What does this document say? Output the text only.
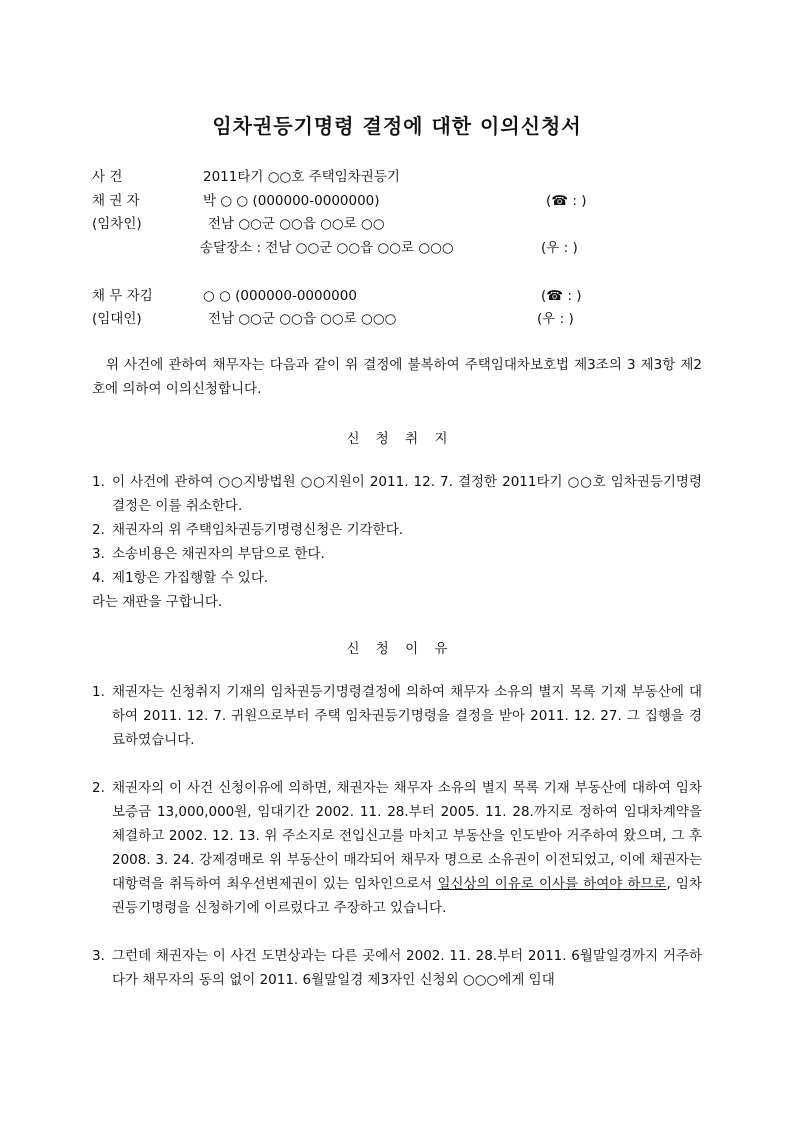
임차권등기명령 결정에 대한 이의신청서
사 건	2011타기 ○○호 주택임차권등기
채 권 자	박 ○ ○ (000000-0000000)	(☎ : )
(임차인)	전남 ○○군 ○○읍 ○○로 ○○
송달장소 : 전남 ○○군 ○○읍 ○○로 ○○○	(우 : )
채 무 자김	○ ○ (000000-0000000	(☎ : )
(임대인)	전남 ○○군 ○○읍 ○○로 ○○○	(우 : )
위 사건에 관하여 채무자는 다음과 같이 위 결정에 불복하여 주택임대차보호법 제3조의 3 제3항 제2호에 의하여 이의신청합니다.
신 청 취 지
1. 이 사건에 관하여 ○○지방법원 ○○지원이 2011. 12. 7. 결정한 2011타기 ○○호 임차권등기명령결정은 이를 취소한다.
2. 채권자의 위 주택임차권등기명령신청은 기각한다.
3. 소송비용은 채권자의 부담으로 한다.
4. 제1항은 가집행할 수 있다.
라는 재판을 구합니다.
신 청 이 유
1. 채권자는 신청취지 기재의 임차권등기명령결정에 의하여 채무자 소유의 별지 목록 기재 부동산에 대하여 2011. 12. 7. 귀원으로부터 주택 임차권등기명령을 결정을 받아 2011. 12. 27. 그 집행을 경료하였습니다.
2. 채권자의 이 사건 신청이유에 의하면, 채권자는 채무자 소유의 별지 목록 기재 부동산에 대하여 임차보증금 13,000,000원, 임대기간 2002. 11. 28.부터 2005. 11. 28.까지로 정하여 임대차계약을 체결하고 2002. 12. 13. 위 주소지로 전입신고를 마치고 부동산을 인도받아 거주하여 왔으며, 그 후 2008. 3. 24. 강제경매로 위 부동산이 매각되어 채무자 명으로 소유권이 이전되었고, 이에 채권자는 대항력을 취득하여 최우선변제권이 있는 임차인으로서 일신상의 이유로 이사를 하여야 하므로, 임차권등기명령을 신청하기에 이르렀다고 주장하고 있습니다.
3. 그런데 채권자는 이 사건 도면상과는 다른 곳에서 2002. 11. 28.부터 2011. 6월말일경까지 거주하다가 채무자의 동의 없이 2011. 6월말일경 제3자인 신청외 ○○○에게 임대
